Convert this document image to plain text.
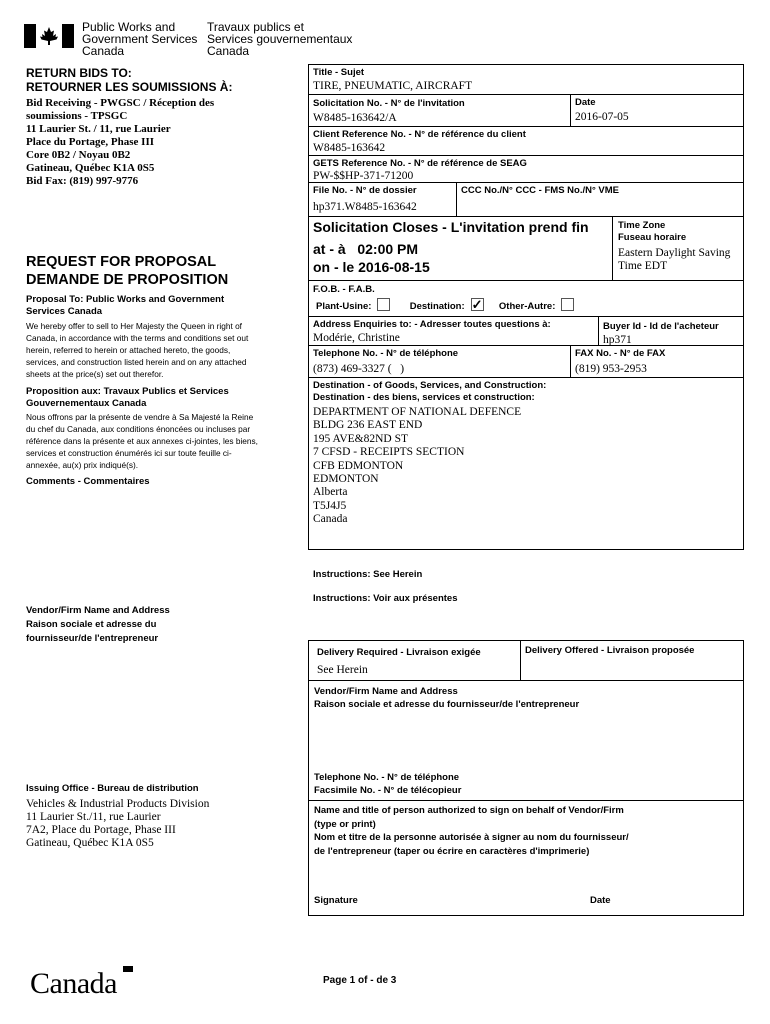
Public Works and
Government Services
Canada
Travaux publics et
Services gouvernementaux
Canada
RETURN BIDS TO:
RETOURNER LES SOUMISSIONS À:
Bid Receiving - PWGSC / Réception des
soumissions - TPSGC
11 Laurier St. / 11, rue Laurier
Place du Portage, Phase III
Core 0B2 / Noyau 0B2
Gatineau, Québec K1A 0S5
Bid Fax: (819) 997-9776
REQUEST FOR PROPOSAL
DEMANDE DE PROPOSITION
Proposal To: Public Works and Government Services Canada
We hereby offer to sell to Her Majesty the Queen in right of Canada, in accordance with the terms and conditions set out herein, referred to herein or attached hereto, the goods, services, and construction listed herein and on any attached sheets at the price(s) set out therefor.
Proposition aux: Travaux Publics et Services Gouvernementaux Canada
Nous offrons par la présente de vendre à Sa Majesté la Reine du chef du Canada, aux conditions énoncées ou incluses par référence dans la présente et aux annexes ci-jointes, les biens, services et construction énumérés ici sur toute feuille ci-annexée, au(x) prix indiqué(s).
Comments - Commentaires
Vendor/Firm Name and Address
Raison sociale et adresse du
fournisseur/de l'entrepreneur
Issuing Office - Bureau de distribution
Vehicles & Industrial Products Division
11 Laurier St./11, rue Laurier
7A2, Place du Portage, Phase III
Gatineau, Québec K1A 0S5
Title - Sujet
TIRE, PNEUMATIC, AIRCRAFT
Solicitation No. - N° de l'invitation
W8485-163642/A
Date
2016-07-05
Client Reference No. - N° de référence du client
W8485-163642
GETS Reference No. - N° de référence de SEAG
PW-$$HP-371-71200
File No. - N° de dossier
hp371.W8485-163642
CCC No./N° CCC - FMS No./N° VME
Solicitation Closes - L'invitation prend fin
at - à 02:00 PM
on - le 2016-08-15
Time Zone
Fuseau horaire
Eastern Daylight Saving
Time EDT
F.O.B. - F.A.B.
Plant-Usine:	Destination: ✓ Other-Autre:
Address Enquiries to: - Adresser toutes questions à:
Modérie, Christine
Buyer Id - Id de l'acheteur
hp371
Telephone No. - N° de téléphone
(873) 469-3327 (   )
FAX No. - N° de FAX
(819) 953-2953
Destination - of Goods, Services, and Construction:
Destination - des biens, services et construction:
DEPARTMENT OF NATIONAL DEFENCE
BLDG 236 EAST END
195 AVE&82ND ST
7 CFSD - RECEIPTS SECTION
CFB EDMONTON
EDMONTON
Alberta
T5J4J5
Canada
Instructions: See Herein
Instructions: Voir aux présentes
Delivery Required - Livraison exigée
See Herein
Delivery Offered - Livraison proposée
Vendor/Firm Name and Address
Raison sociale et adresse du fournisseur/de l'entrepreneur
Telephone No. - N° de téléphone
Facsimile No. - N° de télécopieur
Name and title of person authorized to sign on behalf of Vendor/Firm
(type or print)
Nom et titre de la personne autorisée à signer au nom du fournisseur/
de l'entrepreneur (taper ou écrire en caractères d'imprimerie)
Signature	Date
Canada	Page 1 of - de 3
